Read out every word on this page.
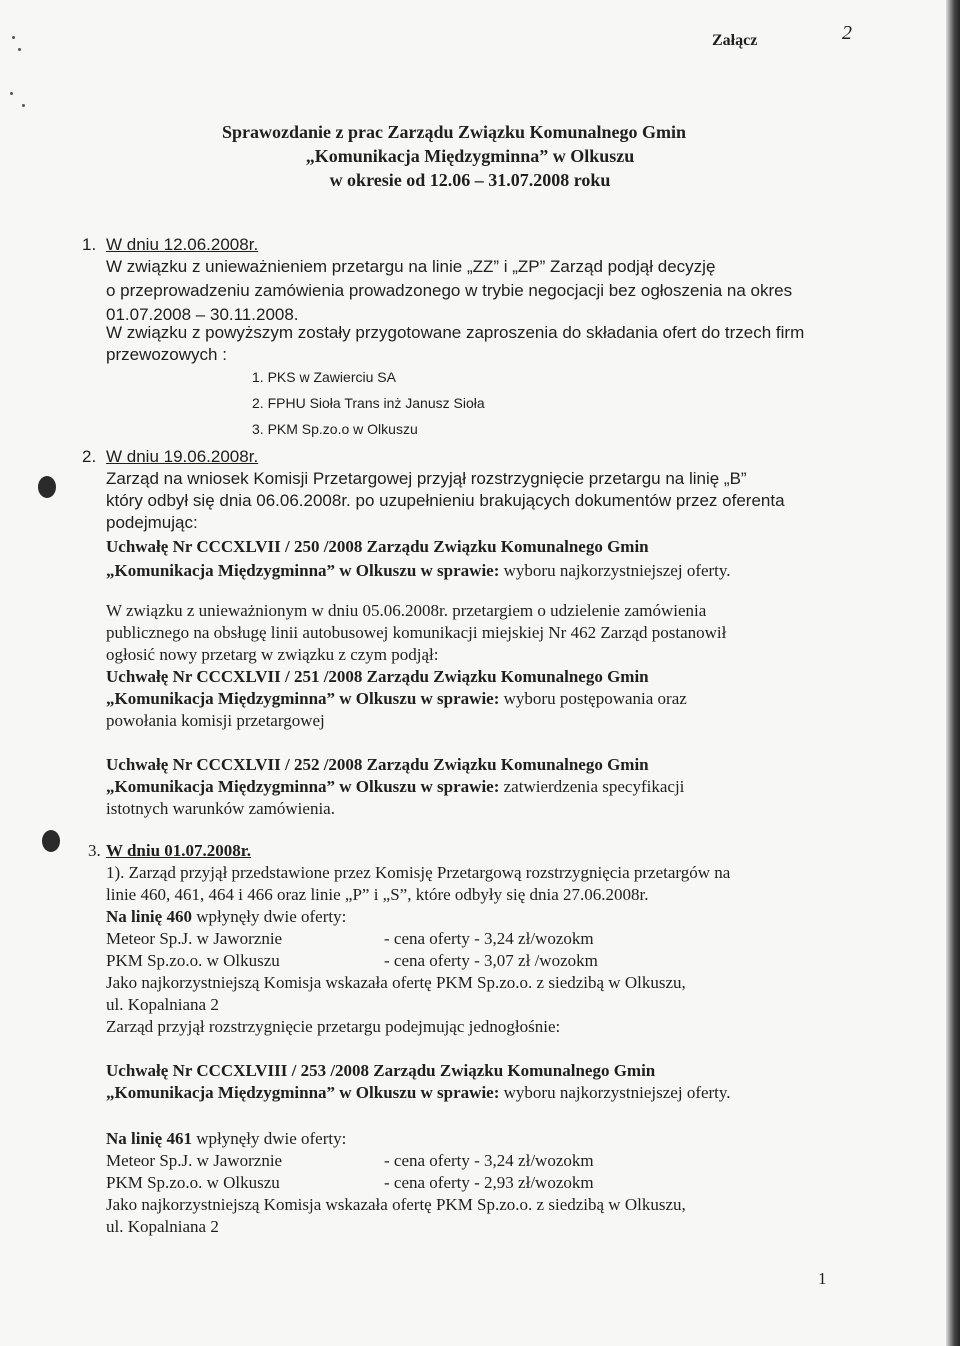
Załącz	2
Sprawozdanie z prac Zarządu Związku Komunalnego Gmin
„Komunikacja Międzygminna” w Olkuszu
w okresie od 12.06 – 31.07.2008 roku
1. W dniu 12.06.2008r.
W związku z unieważnieniem przetargu na linie „ZZ” i „ZP” Zarząd podjął decyzję
o przeprowadzeniu zamówienia prowadzonego w trybie negocjacji bez ogłoszenia na okres
01.07.2008 – 30.11.2008.
W związku z powyższym zostały przygotowane zaproszenia do składania ofert do trzech firm
przewozowych :
1. PKS w Zawierciu SA
2. FPHU Sioła Trans inż Janusz Sioła
3. PKM Sp.zo.o w Olkuszu
2. W dniu 19.06.2008r.
Zarząd na wniosek Komisji Przetargowej przyjął rozstrzygnięcie przetargu na linię „B”
który odbył się dnia 06.06.2008r. po uzupełnieniu brakujących dokumentów przez oferenta
podejmując:
Uchwałę Nr CCCXLVII / 250 /2008 Zarządu Związku Komunalnego Gmin
„Komunikacja Międzygminna” w Olkuszu w sprawie: wyboru najkorzystniejszej oferty.
W związku z unieważnionym w dniu 05.06.2008r. przetargiem o udzielenie zamówienia
publicznego na obsługę linii autobusowej komunikacji miejskiej Nr 462 Zarząd postanowił
ogłosić nowy przetarg w związku z czym podjął:
Uchwałę Nr CCCXLVII / 251 /2008 Zarządu Związku Komunalnego Gmin
„Komunikacja Międzygminna” w Olkuszu w sprawie: wyboru postępowania oraz
powołania komisji przetargowej
Uchwałę Nr CCCXLVII / 252 /2008 Zarządu Związku Komunalnego Gmin
„Komunikacja Międzygminna” w Olkuszu w sprawie: zatwierdzenia specyfikacji
istotnych warunków zamówienia.
3. W dniu 01.07.2008r.
1). Zarząd przyjął przedstawione przez Komisję Przetargową rozstrzygnięcia przetargów na
linie 460, 461, 464 i 466 oraz linie „P” i „S”, które odbyły się dnia 27.06.2008r.
Na linię 460 wpłynęły dwie oferty:
Meteor Sp.J. w Jaworznie	- cena oferty - 3,24 zł/wozokm
PKM Sp.zo.o. w Olkuszu	- cena oferty - 3,07 zł /wozokm
Jako najkorzystniejszą Komisja wskazała ofertę PKM Sp.zo.o. z siedzibą w Olkuszu,
ul. Kopalniana 2
Zarząd przyjął rozstrzygnięcie przetargu podejmując jednogłośnie:
Uchwałę Nr CCCXLVIII / 253 /2008 Zarządu Związku Komunalnego Gmin
„Komunikacja Międzygminna” w Olkuszu w sprawie: wyboru najkorzystniejszej oferty.
Na linię 461 wpłynęły dwie oferty:
Meteor Sp.J. w Jaworznie	- cena oferty - 3,24 zł/wozokm
PKM Sp.zo.o. w Olkuszu	- cena oferty - 2,93 zł/wozokm
Jako najkorzystniejszą Komisja wskazała ofertę PKM Sp.zo.o. z siedzibą w Olkuszu,
ul. Kopalniana 2
1
